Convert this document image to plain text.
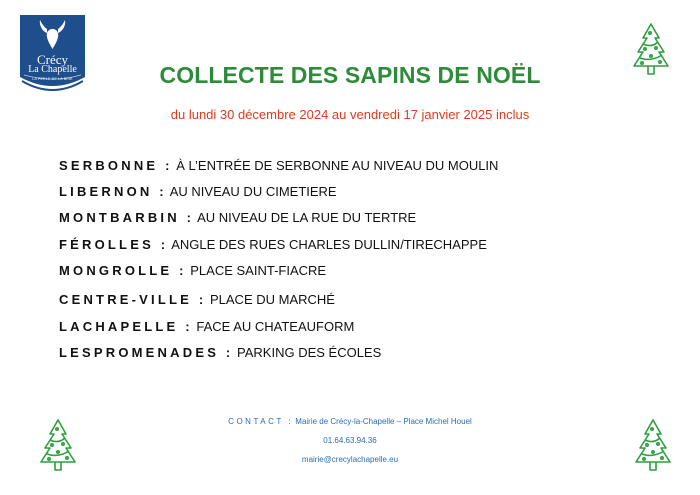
Crécy
La Chapelle
LA PERLE DE LA BRIE	COLLECTE DES SAPINS DE NOËL
du lundi 30 décembre 2024 au vendredi 17 janvier 2025 inclus
SERBONNE : À L’ENTRÉE DE SERBONNE AU NIVEAU DU MOULIN
LIBERNON : AU NIVEAU DU CIMETIERE
MONTBARBIN : AU NIVEAU DE LA RUE DU TERTRE
FÉROLLES : ANGLE DES RUES CHARLES DULLIN/TIRECHAPPE
MONGROLLE : PLACE SAINT-FIACRE
CENTRE-VILLE : PLACE DU MARCHÉ
LACHAPELLE : FACE AU CHATEAUFORM
LESPROMENADES : PARKING DES ÉCOLES
CONTACT : Mairie de Crécy-la-Chapelle – Place Michel Houel
01.64.63.94.36
mairie@crecylachapelle.eu
